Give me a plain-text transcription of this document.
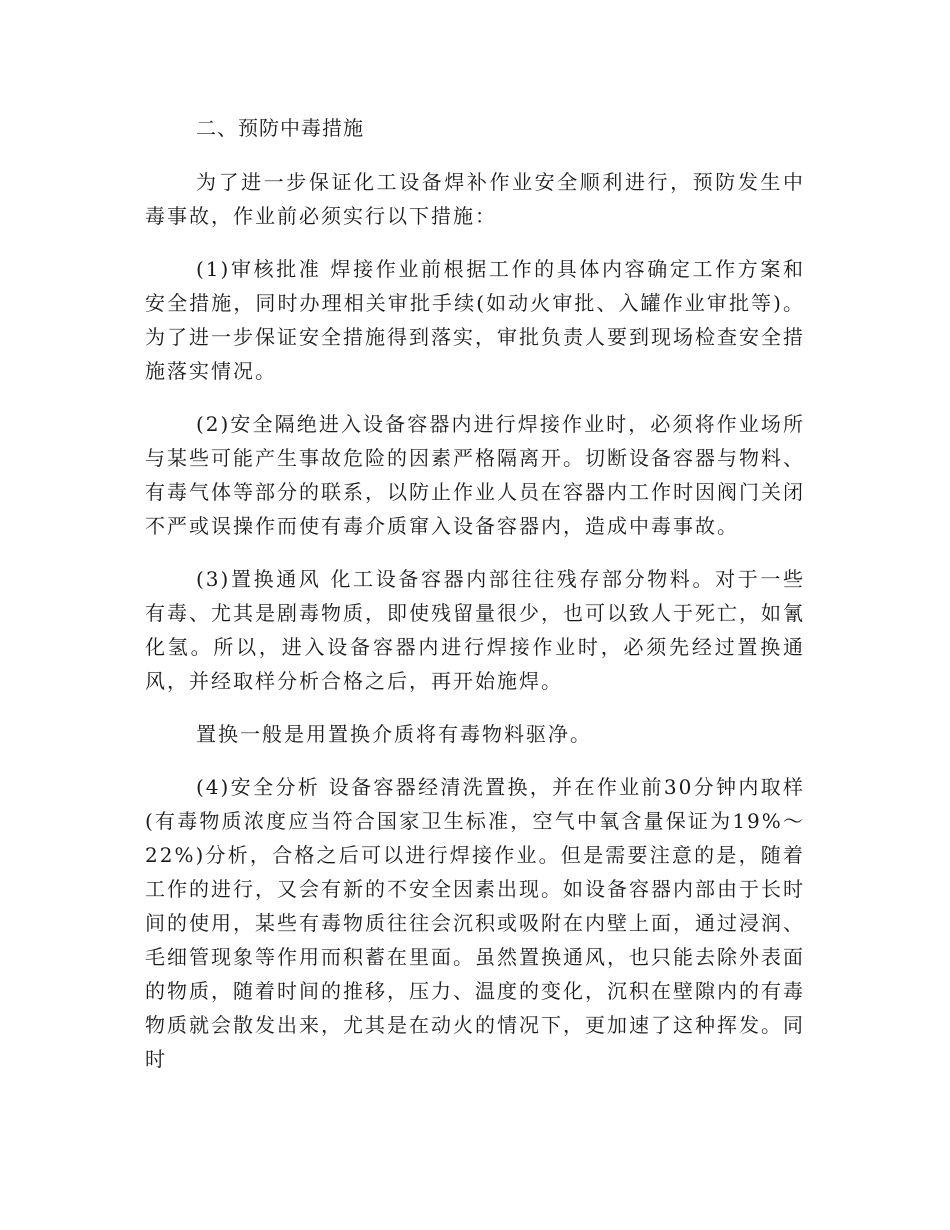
二、预防中毒措施

为了进一步保证化工设备焊补作业安全顺利进行，预防发生中毒事故，作业前必须实行以下措施：

(1)审核批准 焊接作业前根据工作的具体内容确定工作方案和安全措施，同时办理相关审批手续(如动火审批、入罐作业审批等)。为了进一步保证安全措施得到落实，审批负责人要到现场检查安全措施落实情况。

(2)安全隔绝进入设备容器内进行焊接作业时，必须将作业场所与某些可能产生事故危险的因素严格隔离开。切断设备容器与物料、有毒气体等部分的联系，以防止作业人员在容器内工作时因阀门关闭不严或误操作而使有毒介质窜入设备容器内，造成中毒事故。

(3)置换通风 化工设备容器内部往往残存部分物料。对于一些有毒、尤其是剧毒物质，即使残留量很少，也可以致人于死亡，如氰化氢。所以，进入设备容器内进行焊接作业时，必须先经过置换通风，并经取样分析合格之后，再开始施焊。

置换一般是用置换介质将有毒物料驱净。

(4)安全分析 设备容器经清洗置换，并在作业前30分钟内取样(有毒物质浓度应当符合国家卫生标准，空气中氧含量保证为19%～22%)分析，合格之后可以进行焊接作业。但是需要注意的是，随着工作的进行，又会有新的不安全因素出现。如设备容器内部由于长时间的使用，某些有毒物质往往会沉积或吸附在内壁上面，通过浸润、毛细管现象等作用而积蓄在里面。虽然置换通风，也只能去除外表面的物质，随着时间的推移，压力、温度的变化，沉积在壁隙内的有毒物质就会散发出来，尤其是在动火的情况下，更加速了这种挥发。同时
